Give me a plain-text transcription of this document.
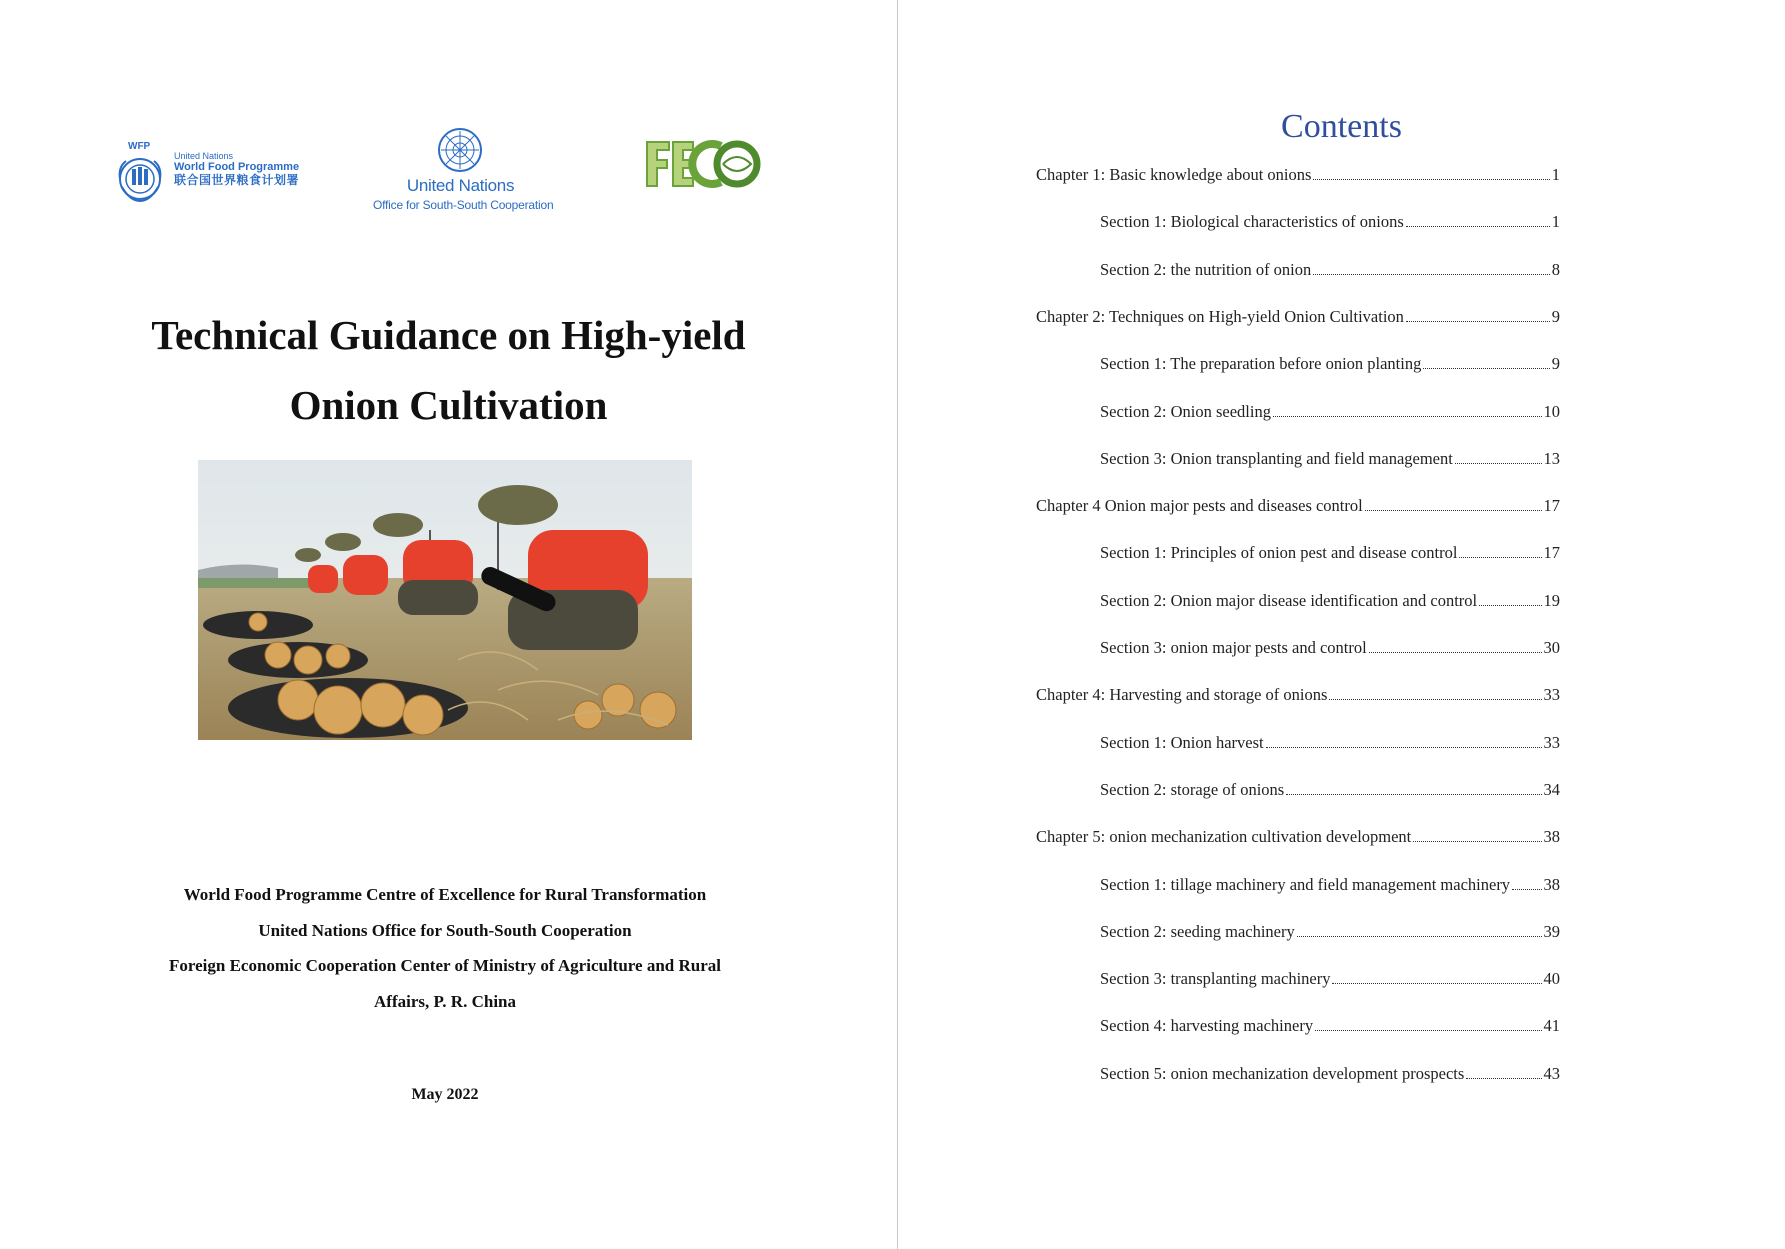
WFP
United Nations
World Food Programme
联合国世界粮食计划署	United Nations
Office for South-South Cooperation
Technical Guidance on High-yield
Onion Cultivation
World Food Programme Centre of Excellence for Rural Transformation
United Nations Office for South-South Cooperation
Foreign Economic Cooperation Center of Ministry of Agriculture and Rural
Affairs, P. R. China
May 2022
Contents
Chapter 1: Basic knowledge about onions	1
Section 1: Biological characteristics of onions	1
Section 2: the nutrition of onion	8
Chapter 2: Techniques on High-yield Onion Cultivation	9
Section 1: The preparation before onion planting	9
Section 2: Onion seedling	10
Section 3: Onion transplanting and field management	13
Chapter 4 Onion major pests and diseases control	17
Section 1: Principles of onion pest and disease control	17
Section 2: Onion major disease identification and control	19
Section 3: onion major pests and control	30
Chapter 4: Harvesting and storage of onions	33
Section 1: Onion harvest	33
Section 2: storage of onions	34
Chapter 5: onion mechanization cultivation development	38
Section 1: tillage machinery and field management machinery 38
Section 2: seeding machinery	39
Section 3: transplanting machinery	40
Section 4: harvesting machinery	41
Section 5: onion mechanization development prospects	43
